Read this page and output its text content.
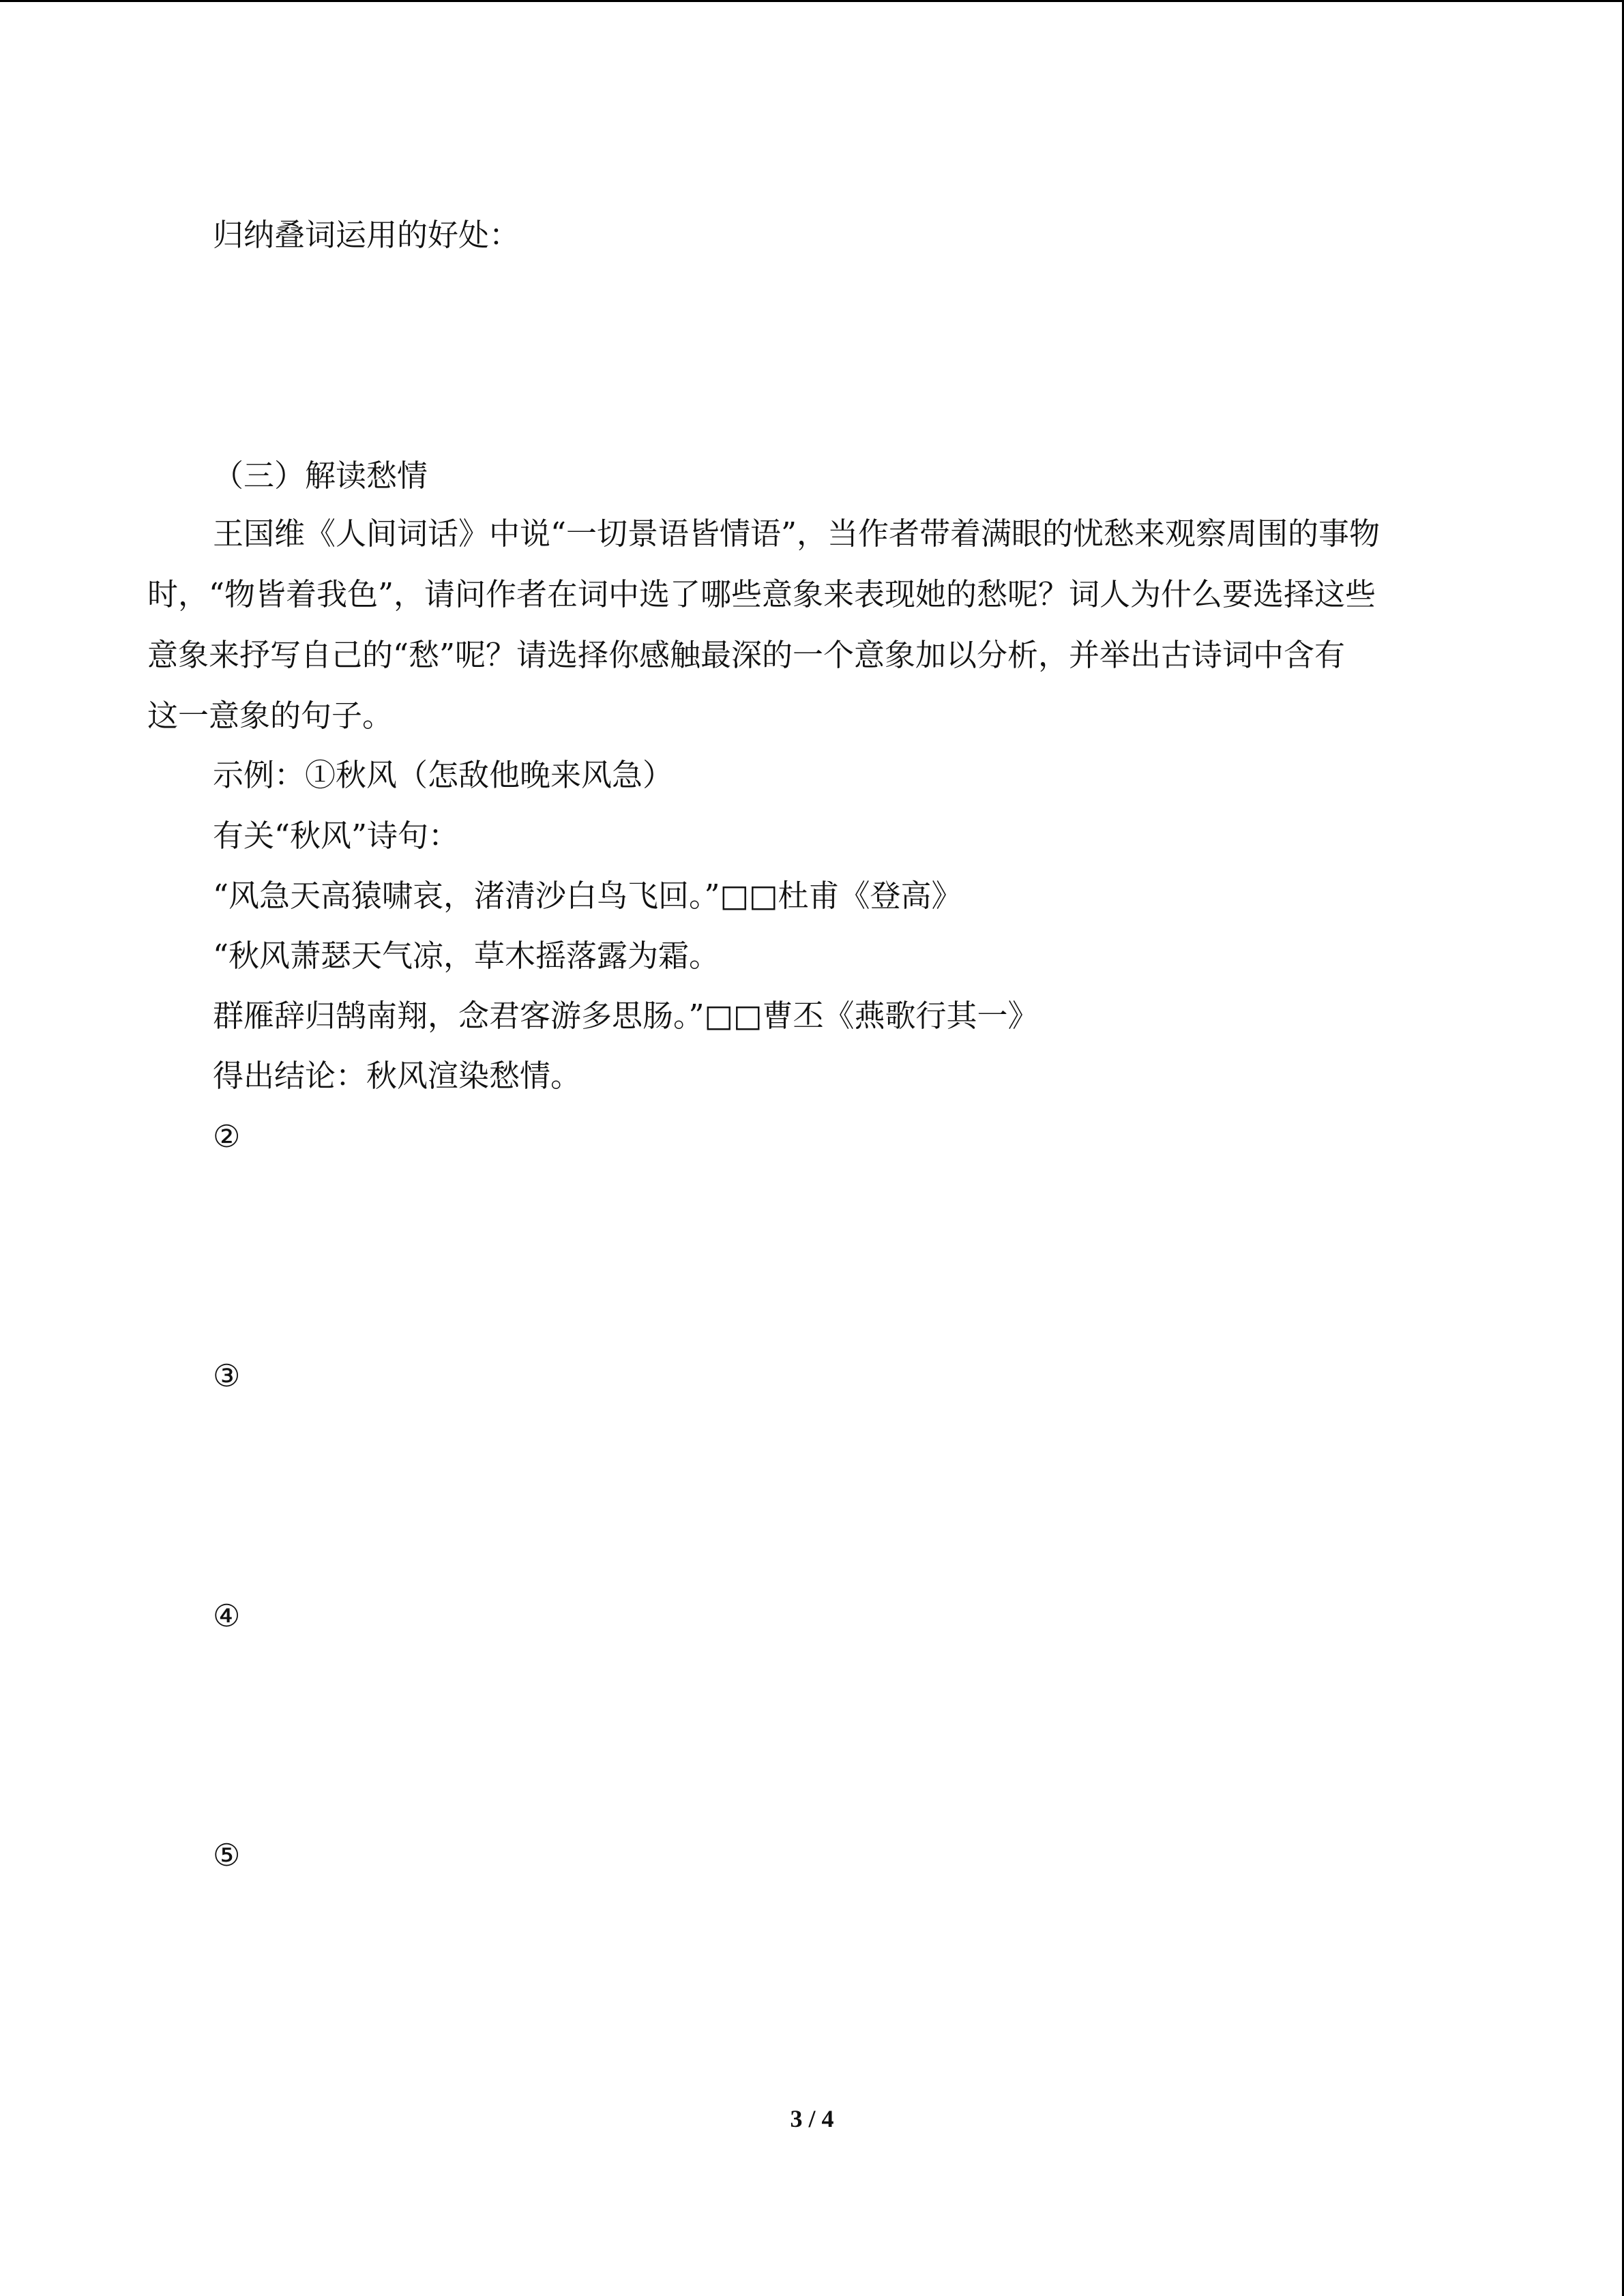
归纳叠词运用的好处：
（三）解读愁情
王国维《人间词话》中说“一切景语皆情语”，当作者带着满眼的忧愁来观察周围的事物
时，“物皆着我色”，请问作者在词中选了哪些意象来表现她的愁呢？词人为什么要选择这些
意象来抒写自己的“愁”呢？请选择你感触最深的一个意象加以分析，并举出古诗词中含有
这一意象的句子。
示例：①秋风（怎敌他晚来风急）
有关“秋风”诗句：
“风急天高猿啸哀，渚清沙白鸟飞回。”□□杜甫《登高》
“秋风萧瑟天气凉，草木摇落露为霜。
群雁辞归鹄南翔，念君客游多思肠。”□□曹丕《燕歌行其一》
得出结论：秋风渲染愁情。
②
③
④
⑤
3 / 4
